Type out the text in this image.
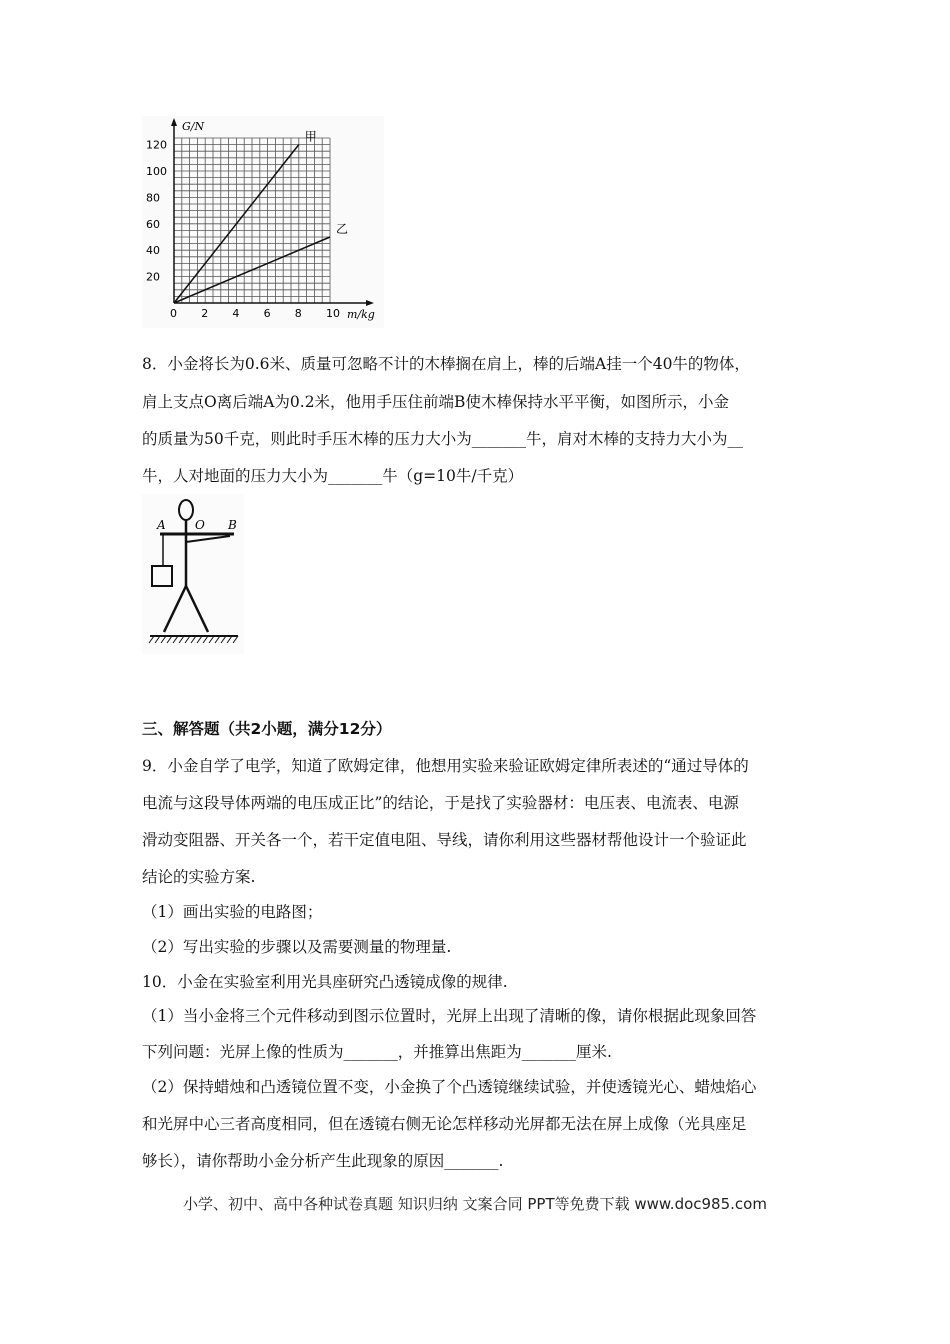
0 2 4 6 8 10
20
40
60
80
100
120
甲
乙
G/N
m/kg
8．小金将长为0.6米、质量可忽略不计的木棒搁在肩上，棒的后端A挂一个40牛的物体，
肩上支点O离后端A为0.2米，他用手压住前端B使木棒保持水平平衡，如图所示，小金
的质量为50千克，则此时手压木棒的压力大小为_______牛，肩对木棒的支持力大小为__
牛，人对地面的压力大小为_______牛（g=10牛/千克）
A O B
三、解答题（共2小题，满分12分）
9．小金自学了电学，知道了欧姆定律，他想用实验来验证欧姆定律所表述的“通过导体的
电流与这段导体两端的电压成正比”的结论，于是找了实验器材：电压表、电流表、电源
滑动变阻器、开关各一个，若干定值电阻、导线，请你利用这些器材帮他设计一个验证此
结论的实验方案.
（1）画出实验的电路图；
（2）写出实验的步骤以及需要测量的物理量.
10．小金在实验室利用光具座研究凸透镜成像的规律.
（1）当小金将三个元件移动到图示位置时，光屏上出现了清晰的像，请你根据此现象回答
下列问题：光屏上像的性质为_______，并推算出焦距为_______厘米.
（2）保持蜡烛和凸透镜位置不变，小金换了个凸透镜继续试验，并使透镜光心、蜡烛焰心
和光屏中心三者高度相同，但在透镜右侧无论怎样移动光屏都无法在屏上成像（光具座足
够长），请你帮助小金分析产生此现象的原因_______.
小学、初中、高中各种试卷真题 知识归纳 文案合同 PPT等免费下载 www.doc985.com
